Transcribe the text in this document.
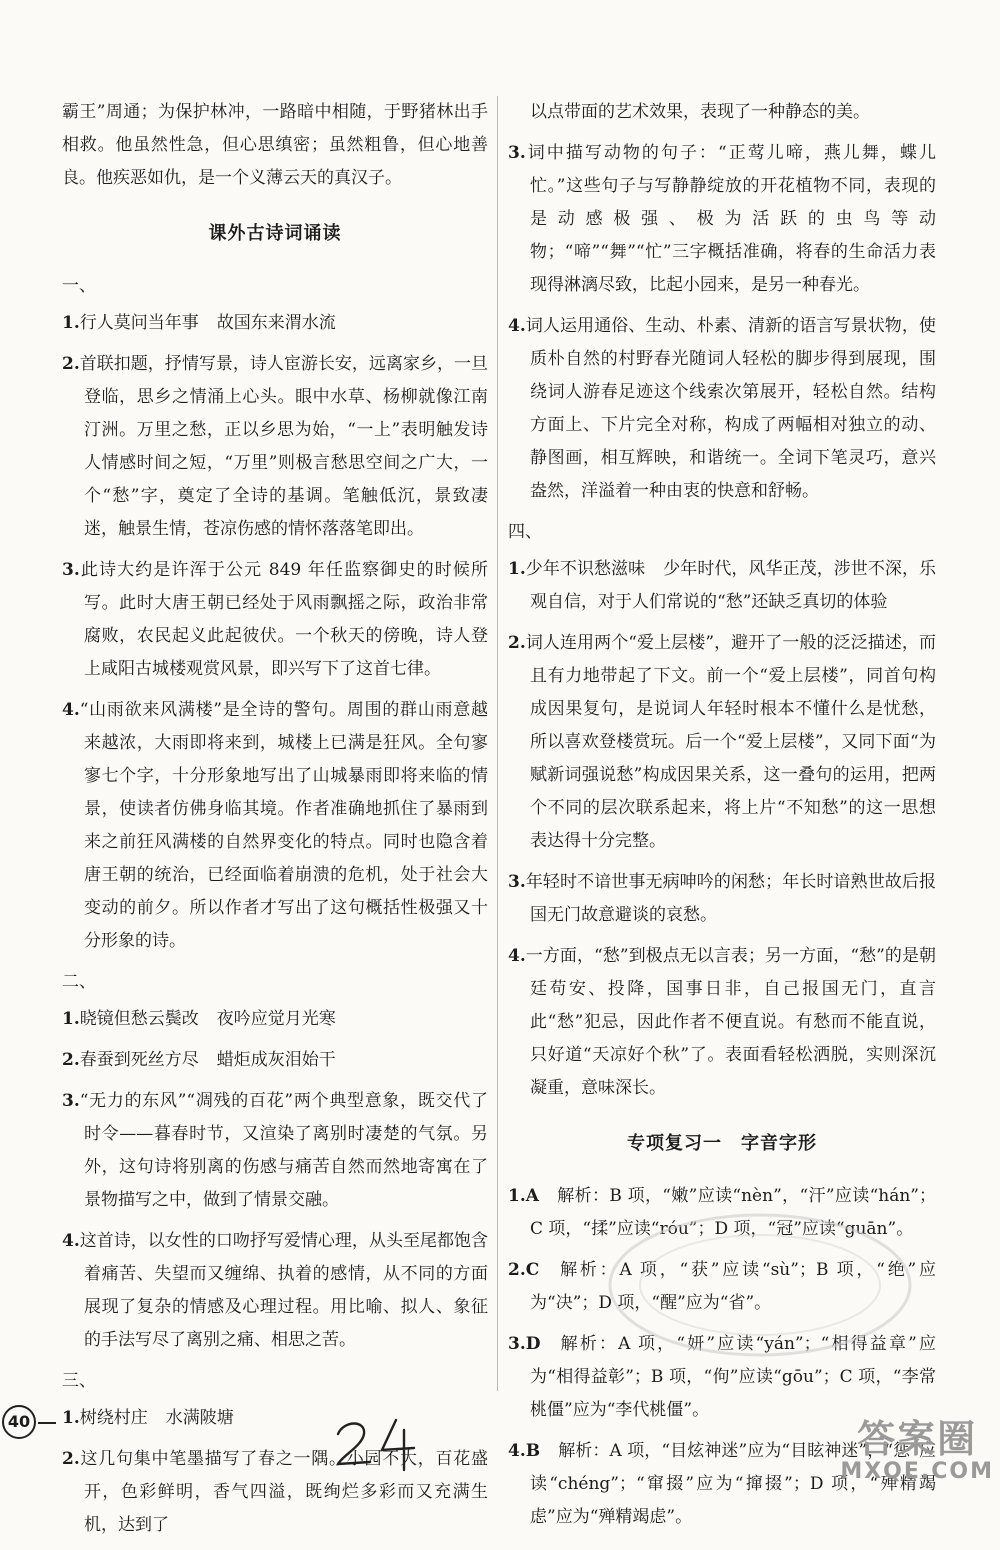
霸王”周通；为保护林冲，一路暗中相随，于野猪林出手相救。他虽然性急，但心思缜密；虽然粗鲁，但心地善良。他疾恶如仇，是一个义薄云天的真汉子。

课外古诗词诵读
一、
1.行人莫问当年事 故国东来渭水流
2.首联扣题，抒情写景，诗人宦游长安，远离家乡，一旦登临，思乡之情涌上心头。眼中水草、杨柳就像江南汀洲。万里之愁，正以乡思为始，“一上”表明触发诗人情感时间之短，“万里”则极言愁思空间之广大，一个“愁”字，奠定了全诗的基调。笔触低沉，景致凄迷，触景生情，苍凉伤感的情怀落落笔即出。
3.此诗大约是许浑于公元 849 年任监察御史的时候所写。此时大唐王朝已经处于风雨飘摇之际，政治非常腐败，农民起义此起彼伏。一个秋天的傍晚，诗人登上咸阳古城楼观赏风景，即兴写下了这首七律。
4.“山雨欲来风满楼”是全诗的警句。周围的群山雨意越来越浓，大雨即将来到，城楼上已满是狂风。全句寥寥七个字，十分形象地写出了山城暴雨即将来临的情景，使读者仿佛身临其境。作者准确地抓住了暴雨到来之前狂风满楼的自然界变化的特点。同时也隐含着唐王朝的统治，已经面临着崩溃的危机，处于社会大变动的前夕。所以作者才写出了这句概括性极强又十分形象的诗。
二、
1.晓镜但愁云鬓改 夜吟应觉月光寒
2.春蚕到死丝方尽 蜡炬成灰泪始干
3.“无力的东风”“凋残的百花”两个典型意象，既交代了时令——暮春时节，又渲染了离别时凄楚的气氛。另外，这句诗将别离的伤感与痛苦自然而然地寄寓在了景物描写之中，做到了情景交融。
4.这首诗，以女性的口吻抒写爱情心理，从头至尾都饱含着痛苦、失望而又缠绵、执着的感情，从不同的方面展现了复杂的情感及心理过程。用比喻、拟人、象征的手法写尽了离别之痛、相思之苦。
三、
1.树绕村庄 水满陂塘
2.这几句集中笔墨描写了春之一隅。小园不大，百花盛开，色彩鲜明，香气四溢，既绚烂多彩而又充满生机，达到了
以点带面的艺术效果，表现了一种静态的美。
3.词中描写动物的句子：“正莺儿啼，燕儿舞，蝶儿忙。”这些句子与写静静绽放的开花植物不同，表现的是动感极强、极为活跃的虫鸟等动物；“啼”“舞”“忙”三字概括准确，将春的生命活力表现得淋漓尽致，比起小园来，是另一种春光。
4.词人运用通俗、生动、朴素、清新的语言写景状物，使质朴自然的村野春光随词人轻松的脚步得到展现，围绕词人游春足迹这个线索次第展开，轻松自然。结构方面上、下片完全对称，构成了两幅相对独立的动、静图画，相互辉映，和谐统一。全词下笔灵巧，意兴盎然，洋溢着一种由衷的快意和舒畅。
四、
1.少年不识愁滋味 少年时代，风华正茂，涉世不深，乐观自信，对于人们常说的“愁”还缺乏真切的体验
2.词人连用两个“爱上层楼”，避开了一般的泛泛描述，而且有力地带起了下文。前一个“爱上层楼”，同首句构成因果复句，是说词人年轻时根本不懂什么是忧愁，所以喜欢登楼赏玩。后一个“爱上层楼”，又同下面“为赋新词强说愁”构成因果关系，这一叠句的运用，把两个不同的层次联系起来，将上片“不知愁”的这一思想表达得十分完整。
3.年轻时不谙世事无病呻吟的闲愁；年长时谙熟世故后报国无门故意避谈的哀愁。
4.一方面，“愁”到极点无以言表；另一方面，“愁”的是朝廷苟安、投降，国事日非，自己报国无门，直言此“愁”犯忌，因此作者不便直说。有愁而不能直说，只好道“天凉好个秋”了。表面看轻松洒脱，实则深沉凝重，意味深长。
专项复习一　字音字形
1.A 解析：B 项，“嫩”应读“nèn”，“汗”应读“hán”；C 项，“揉”应读“róu”；D 项，“冠”应读“guān”。
2.C 解析：A 项，“获”应读“sù”；B 项，“绝”应为“决”；D 项，“醒”应为“省”。
3.D 解析：A 项，“妍”应读“yán”；“相得益章”应为“相得益彰”；B 项，“佝”应读“gōu”；C 项，“李常桃僵”应为“李代桃僵”。
4.B 解析：A 项，“目炫神迷”应为“目眩神迷”，“惩”应读“chéng”；“窜掇”应为“撺掇”；D 项，“殚精竭虑”应为“殚精竭虑”。
40	答案圈
MXQE.COM
